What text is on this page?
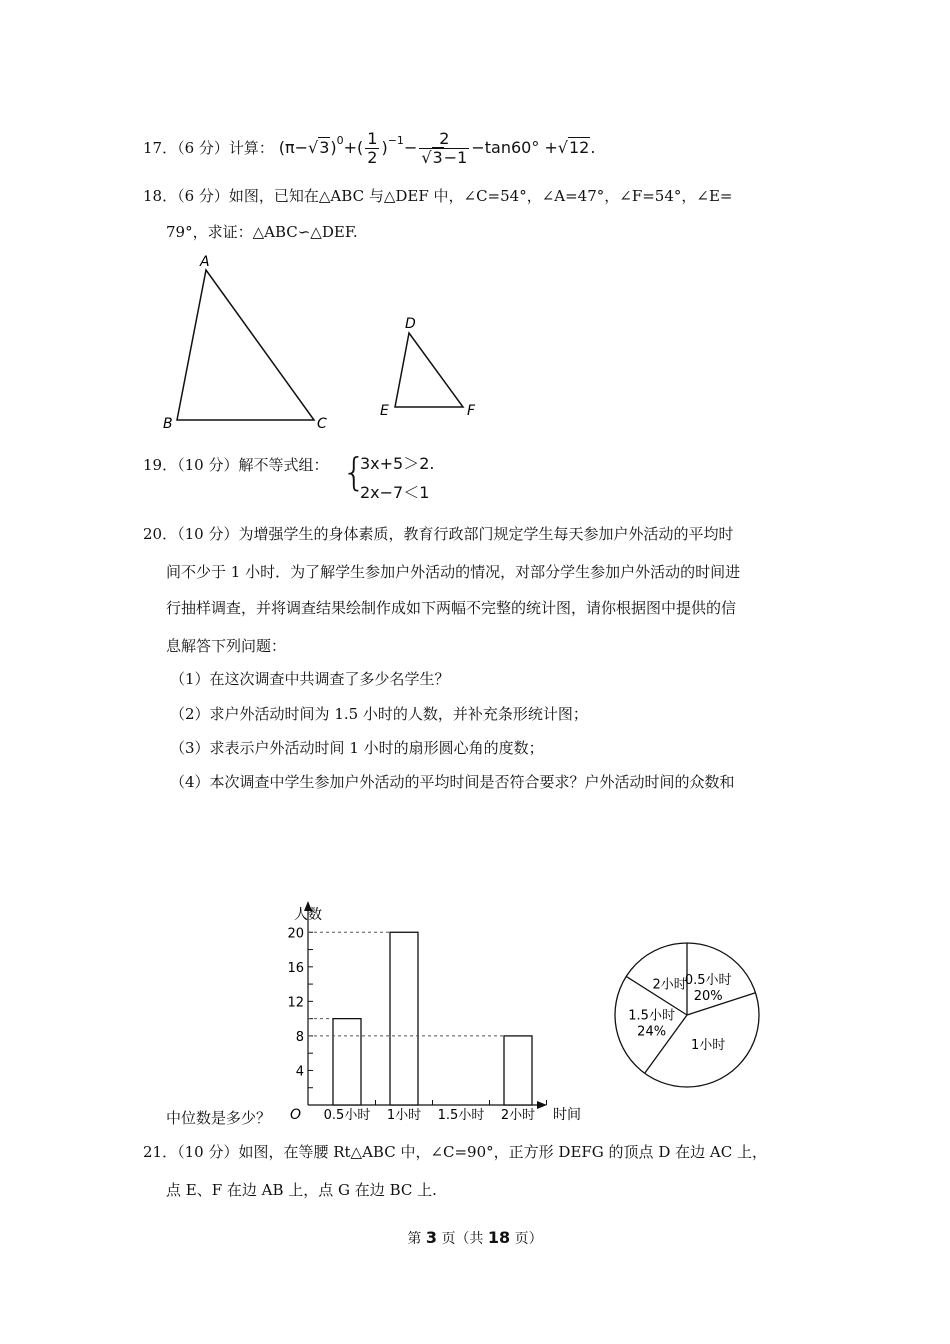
17．（6 分）计算： $(\pi-√3)^0+( \frac{1}{2} )^{-1}- \frac{2}{√3-1} -\tan 60^\circ +√12$.
18．（6 分）如图，已知在△ABC 与△DEF 中，∠C=54°，∠A=47°，∠F=54°，∠E=
79°，求证：△ABC∽△DEF.
A
B	C
D
E	F
19．（10 分）解不等式组： {
3x+5＞2.
2x−7＜1
20．（10 分）为增强学生的身体素质，教育行政部门规定学生每天参加户外活动的平均时
间不少于 1 小时．为了解学生参加户外活动的情况，对部分学生参加户外活动的时间进
行抽样调查，并将调查结果绘制作成如下两幅不完整的统计图，请你根据图中提供的信
息解答下列问题：
（1）在这次调查中共调查了多少名学生？
（2）求户外活动时间为 1.5 小时的人数，并补充条形统计图；
（3）求表示户外活动时间 1 小时的扇形圆心角的度数；
（4）本次调查中学生参加户外活动的平均时间是否符合要求？户外活动时间的众数和
中位数是多少？
人数
时间
O
4
8
12
16
20
0.5小时 1小时 1.5小时 2小时
0.5小时
20%
1小时
1.5小时
24%
2小时
21．（10 分）如图，在等腰 Rt△ABC 中，∠C=90°，正方形 DEFG 的顶点 D 在边 AC 上，
点 E、F 在边 AB 上，点 G 在边 BC 上.
第 3 页（共 18 页）
